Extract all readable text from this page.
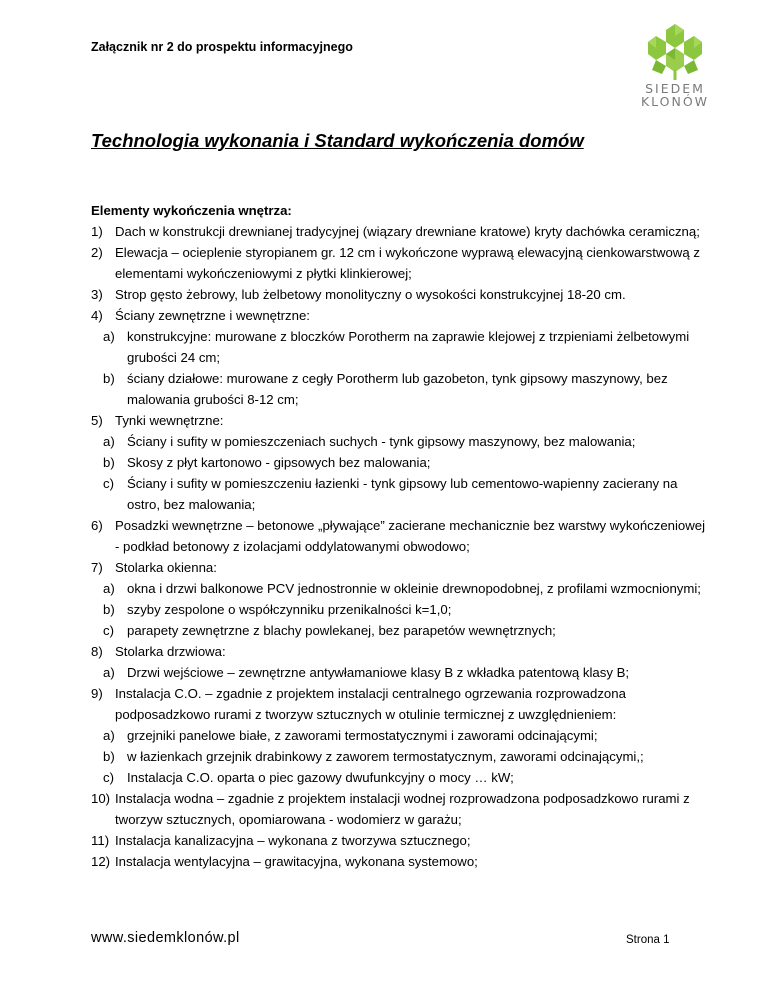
Załącznik nr 2 do prospektu informacyjnego
SIEDEM
KLONÓW
Technologia wykonania i Standard wykończenia domów
Elementy wykończenia wnętrza:
1) Dach w konstrukcji drewnianej tradycyjnej (wiązary drewniane kratowe) kryty dachówka ceramiczną;
2) Elewacja – ocieplenie styropianem gr. 12 cm i wykończone wyprawą elewacyjną cienkowarstwową z elementami wykończeniowymi z płytki klinkierowej;
3) Strop gęsto żebrowy, lub żelbetowy monolityczny o wysokości konstrukcyjnej 18-20 cm.
4) Ściany zewnętrzne i wewnętrzne:
a) konstrukcyjne: murowane z bloczków Porotherm na zaprawie klejowej z trzpieniami żelbetowymi grubości 24 cm;
b) ściany działowe: murowane z cegły Porotherm lub gazobeton, tynk gipsowy maszynowy, bez malowania grubości 8-12 cm;
5) Tynki wewnętrzne:
a) Ściany i sufity w pomieszczeniach suchych - tynk gipsowy maszynowy, bez malowania;
b) Skosy z płyt kartonowo - gipsowych bez malowania;
c) Ściany i sufity w pomieszczeniu łazienki - tynk gipsowy lub cementowo-wapienny zacierany na ostro, bez malowania;
6) Posadzki wewnętrzne – betonowe „pływające” zacierane mechanicznie bez warstwy wykończeniowej - podkład betonowy z izolacjami oddylatowanymi obwodowo;
7) Stolarka okienna:
a) okna i drzwi balkonowe PCV jednostronnie w okleinie drewnopodobnej, z profilami wzmocnionymi;
b) szyby zespolone o współczynniku przenikalności k=1,0;
c) parapety zewnętrzne z blachy powlekanej, bez parapetów wewnętrznych;
8) Stolarka drzwiowa:
a) Drzwi wejściowe – zewnętrzne antywłamaniowe klasy B z wkładka patentową klasy B;
9) Instalacja C.O. – zgadnie z projektem instalacji centralnego ogrzewania rozprowadzona podposadzkowo rurami z tworzyw sztucznych w otulinie termicznej z uwzględnieniem:
a) grzejniki panelowe białe, z zaworami termostatycznymi i zaworami odcinającymi;
b) w łazienkach grzejnik drabinkowy z zaworem termostatycznym, zaworami odcinającymi,;
c) Instalacja C.O. oparta o piec gazowy dwufunkcyjny o mocy … kW;
10) Instalacja wodna – zgadnie z projektem instalacji wodnej rozprowadzona podposadzkowo rurami z tworzyw sztucznych, opomiarowana - wodomierz w garażu;
11) Instalacja kanalizacyjna – wykonana z tworzywa sztucznego;
12) Instalacja wentylacyjna – grawitacyjna, wykonana systemowo;
www.siedemklonów.pl	Strona 1
